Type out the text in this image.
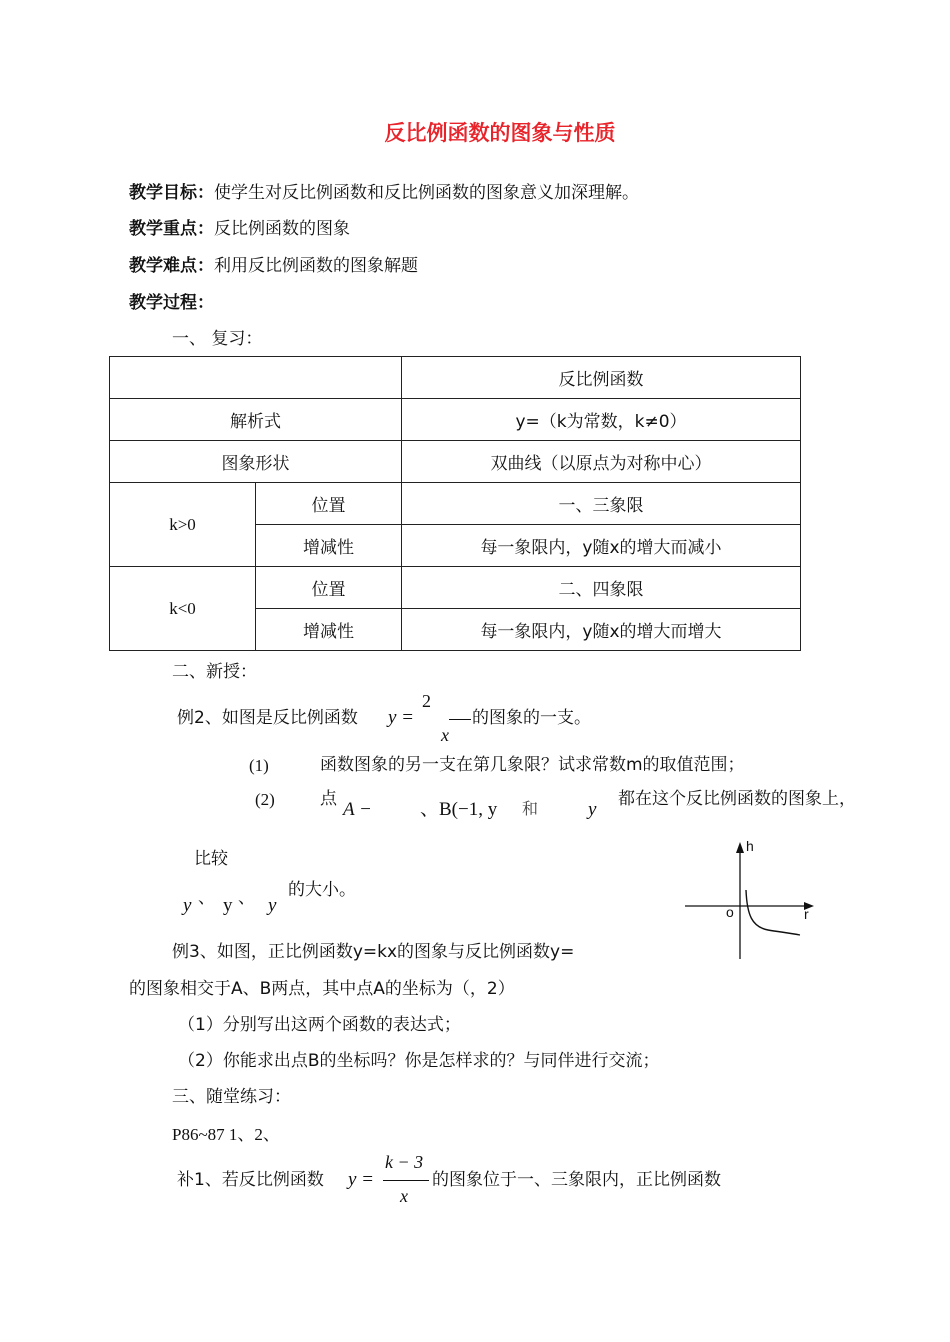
反比例函数的图象与性质
教学目标：使学生对反比例函数和反比例函数的图象意义加深理解。
教学重点：反比例函数的图象
教学难点：利用反比例函数的图象解题
教学过程：
一、 复习：
		反比例函数
解析式		y=（k为常数，k≠0）
图象形状		双曲线（以原点为对称中心）
k>0	位置	一、三象限
	增减性	每一象限内，y随x的增大而减小
k<0	位置	二、四象限
	增减性	每一象限内，y随x的增大而增大
二、新授：
例2、如图是反比例函数 y =
2
x
的图象的一支。
(1)	函数图象的另一支在第几象限？试求常数m的取值范围；
(2)	点 A −	、B(−1, y 和	y 都在这个反比例函数的图象上，
比较
y 、 y 、 y
的大小。
h
o	r
例3、如图，正比例函数y=kx的图象与反比例函数y=
的图象相交于A、B两点，其中点A的坐标为（，2）
（1）分别写出这两个函数的表达式；
（2）你能求出点B的坐标吗？你是怎样求的？与同伴进行交流；
三、随堂练习：
P86~87 1、2、
补1、若反比例函数 y =
k − 3
x
的图象位于一、三象限内，正比例函数
